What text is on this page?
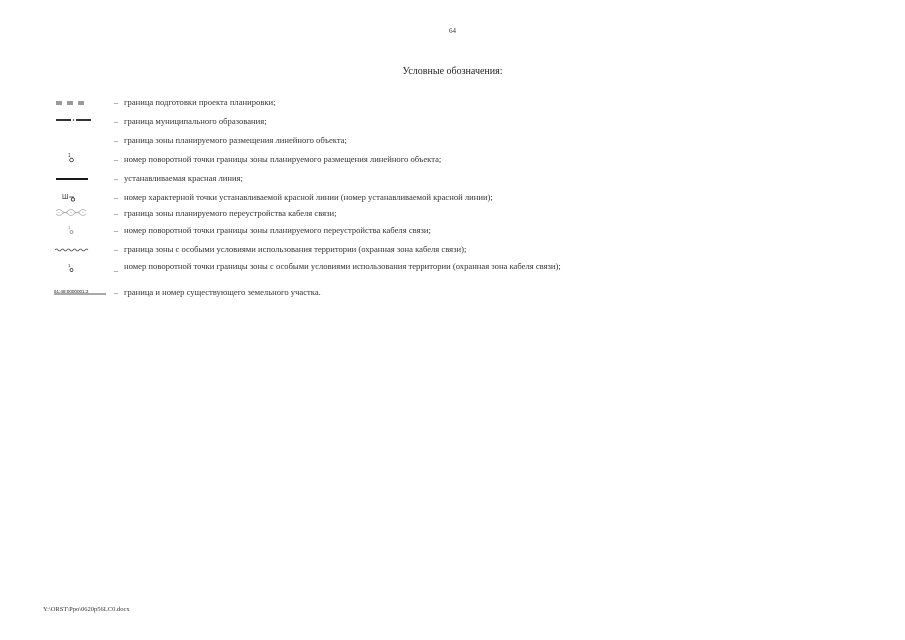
64
Условные обозначения:
– граница подготовки проекта планировки;
– граница муниципального образования;
– граница зоны планируемого размещения линейного объекта;
1	– номер поворотной точки границы зоны планируемого размещения линейного объекта;
– устанавливаемая красная линия;
Ш	– номер характерной точки устанавливаемой красной линии (номер устанавливаемой красной линии);
– граница зоны планируемого переустройства кабеля связи;
1	– номер поворотной точки границы зоны планируемого переустройства кабеля связи;
– граница зоны с особыми условиями использования территории (охранная зона кабеля связи);
1	– номер поворотной точки границы зоны с особыми условиями использования территории (охранная зона кабеля связи);
61:48:0000001:2	– граница и номер существующего земельного участка.
Y:\ORST\Ppo\0620p56LC0.docx
